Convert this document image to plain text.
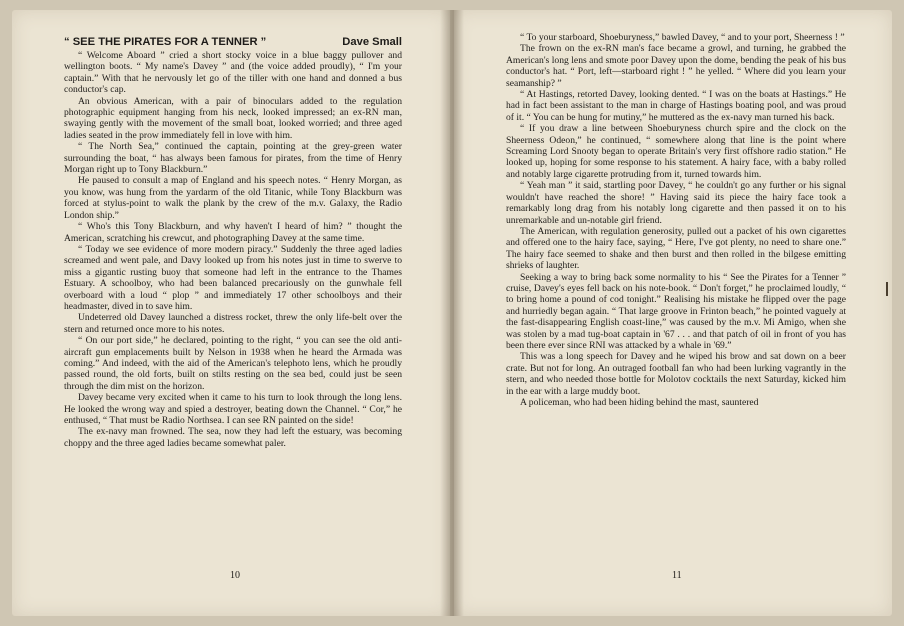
“ SEE THE PIRATES FOR A TENNER ”	Dave Small

“ Welcome Aboard ” cried a short stocky voice in a blue baggy pullover and wellington boots. “ My name's Davey ” and (the voice added proudly), “ I'm your captain.” With that he nervously let go of the tiller with one hand and donned a bus conductor's cap.

An obvious American, with a pair of binoculars added to the regulation photographic equipment hanging from his neck, looked impressed; an ex-RN man, swaying gently with the movement of the small boat, looked worried; and three aged ladies seated in the prow immediately fell in love with him.

“ The North Sea,” continued the captain, pointing at the grey-green water surrounding the boat, “ has always been famous for pirates, from the time of Henry Morgan right up to Tony Blackburn.”

He paused to consult a map of England and his speech notes. “ Henry Morgan, as you know, was hung from the yardarm of the old Titanic, while Tony Blackburn was forced at stylus-point to walk the plank by the crew of the m.v. Galaxy, the Radio London ship.”

“ Who's this Tony Blackburn, and why haven't I heard of him? ” thought the American, scratching his crewcut, and photographing Davey at the same time.

“ Today we see evidence of more modern piracy.” Suddenly the three aged ladies screamed and went pale, and Davy looked up from his notes just in time to swerve to miss a gigantic rusting buoy that someone had left in the entrance to the Thames Estuary. A schoolboy, who had been balanced precariously on the gunwhale fell overboard with a loud “ plop ” and immediately 17 other schoolboys and their headmaster, dived in to save him.

Undeterred old Davey launched a distress rocket, threw the only life-belt over the stern and returned once more to his notes.

“ On our port side,” he declared, pointing to the right, “ you can see the old anti-aircraft gun emplacements built by Nelson in 1938 when he heard the Armada was coming.” And indeed, with the aid of the American's telephoto lens, which he proudly passed round, the old forts, built on stilts resting on the sea bed, could just be seen through the dim mist on the horizon.

Davey became very excited when it came to his turn to look through the long lens. He looked the wrong way and spied a destroyer, beating down the Channel. “ Cor,” he enthused, “ That must be Radio Northsea. I can see RN painted on the side!

The ex-navy man frowned. The sea, now they had left the estuary, was becoming choppy and the three aged ladies became somewhat paler.

10

“ To your starboard, Shoeburyness,” bawled Davey, “ and to your port, Sheerness ! ”

The frown on the ex-RN man's face became a growl, and turning, he grabbed the American's long lens and smote poor Davey upon the dome, bending the peak of his bus conductor's hat. “ Port, left—starboard right ! ” he yelled. “ Where did you learn your seamanship? ”

“ At Hastings, retorted Davey, looking dented. “ I was on the boats at Hastings.” He had in fact been assistant to the man in charge of Hastings boating pool, and was proud of it. “ You can be hung for mutiny,” he muttered as the ex-navy man turned his back.

“ If you draw a line between Shoeburyness church spire and the clock on the Sheerness Odeon,” he continued, “ somewhere along that line is the point where Screaming Lord Snooty began to operate Britain's very first offshore radio station.” He looked up, hoping for some response to his statement. A hairy face, with a baby rolled and notably large cigarette protruding from it, turned towards him.

“ Yeah man ” it said, startling poor Davey, “ he couldn't go any further or his signal wouldn't have reached the shore! ” Having said its piece the hairy face took a remarkably long drag from his notably long cigarette and then passed it on to his unremarkable and un-notable girl friend.

The American, with regulation generosity, pulled out a packet of his own cigarettes and offered one to the hairy face, saying, “ Here, I've got plenty, no need to share one.” The hairy face seemed to shake and then burst and then rolled in the bilgese emitting shrieks of laughter.

Seeking a way to bring back some normality to his “ See the Pirates for a Tenner ” cruise, Davey's eyes fell back on his note-book. “ Don't forget,” he proclaimed loudly, “ to bring home a pound of cod tonight.” Realising his mistake he flipped over the page and hurriedly began again. “ That large groove in Frinton beach,” he pointed vaguely at the fast-disappearing English coast-line,” was caused by the m.v. Mi Amigo, when she was stolen by a mad tug-boat captain in '67 . . . and that patch of oil in front of you has been there ever since RNI was attacked by a whale in '69.”

This was a long speech for Davey and he wiped his brow and sat down on a beer crate. But not for long. An outraged football fan who had been lurking vagrantly in the stern, and who needed those bottle for Molotov cocktails the next Saturday, kicked him in the ear with a large muddy boot.

A policeman, who had been hiding behind the mast, sauntered

11
